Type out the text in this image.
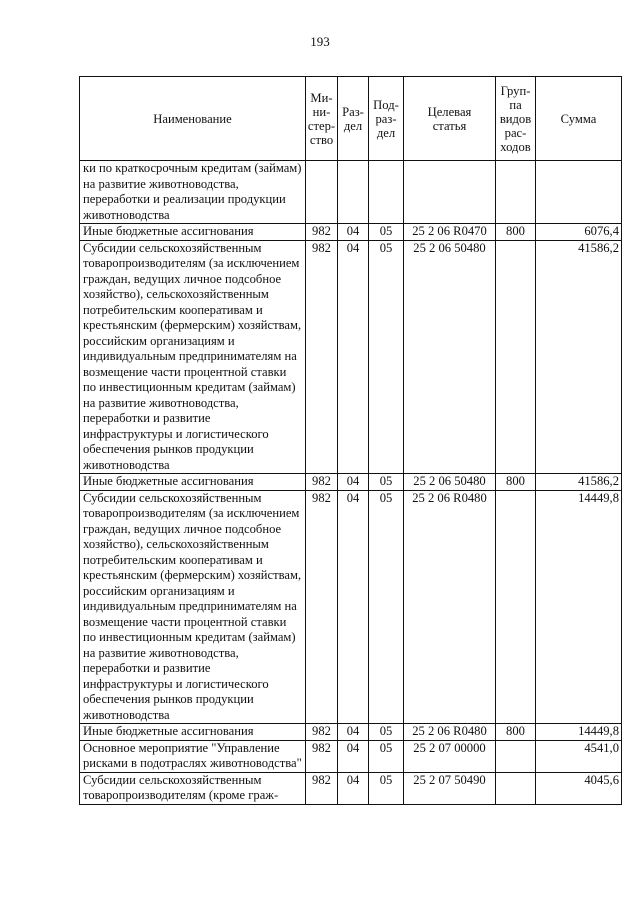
193
Наименование	Ми-
ни-
стер-
ство	Раз-
дел	Под-
раз-
дел	Целевая
статья	Груп-
па
видов
рас-
ходов	Сумма
ки по краткосрочным кредитам (займам) на развитие животноводства, переработки и реализации продукции животноводства						
Иные бюджетные ассигнования	982	04	05	25 2 06 R0470	800	6076,4
Субсидии сельскохозяйственным товаропроизводителям (за исключением граждан, ведущих личное подсобное хозяйство), сельскохозяйственным потребительским кооперативам и крестьянским (фермерским) хозяйствам, российским организациям и индивидуальным предпринимателям на возмещение части процентной ставки по инвестиционным кредитам (займам) на развитие животноводства, переработки и развитие инфраструктуры и логистического обеспечения рынков продукции животноводства	982	04	05	25 2 06 50480		41586,2
Иные бюджетные ассигнования	982	04	05	25 2 06 50480	800	41586,2
Субсидии сельскохозяйственным товаропроизводителям (за исключением граждан, ведущих личное подсобное хозяйство), сельскохозяйственным потребительским кооперативам и крестьянским (фермерским) хозяйствам, российским организациям и индивидуальным предпринимателям на возмещение части процентной ставки по инвестиционным кредитам (займам) на развитие животноводства, переработки и развитие инфраструктуры и логистического обеспечения рынков продукции животноводства	982	04	05	25 2 06 R0480		14449,8
Иные бюджетные ассигнования	982	04	05	25 2 06 R0480	800	14449,8
Основное мероприятие "Управление рисками в подотраслях животноводства"	982	04	05	25 2 07 00000		4541,0
Субсидии сельскохозяйственным товаропроизводителям (кроме граж-	982	04	05	25 2 07 50490		4045,6
